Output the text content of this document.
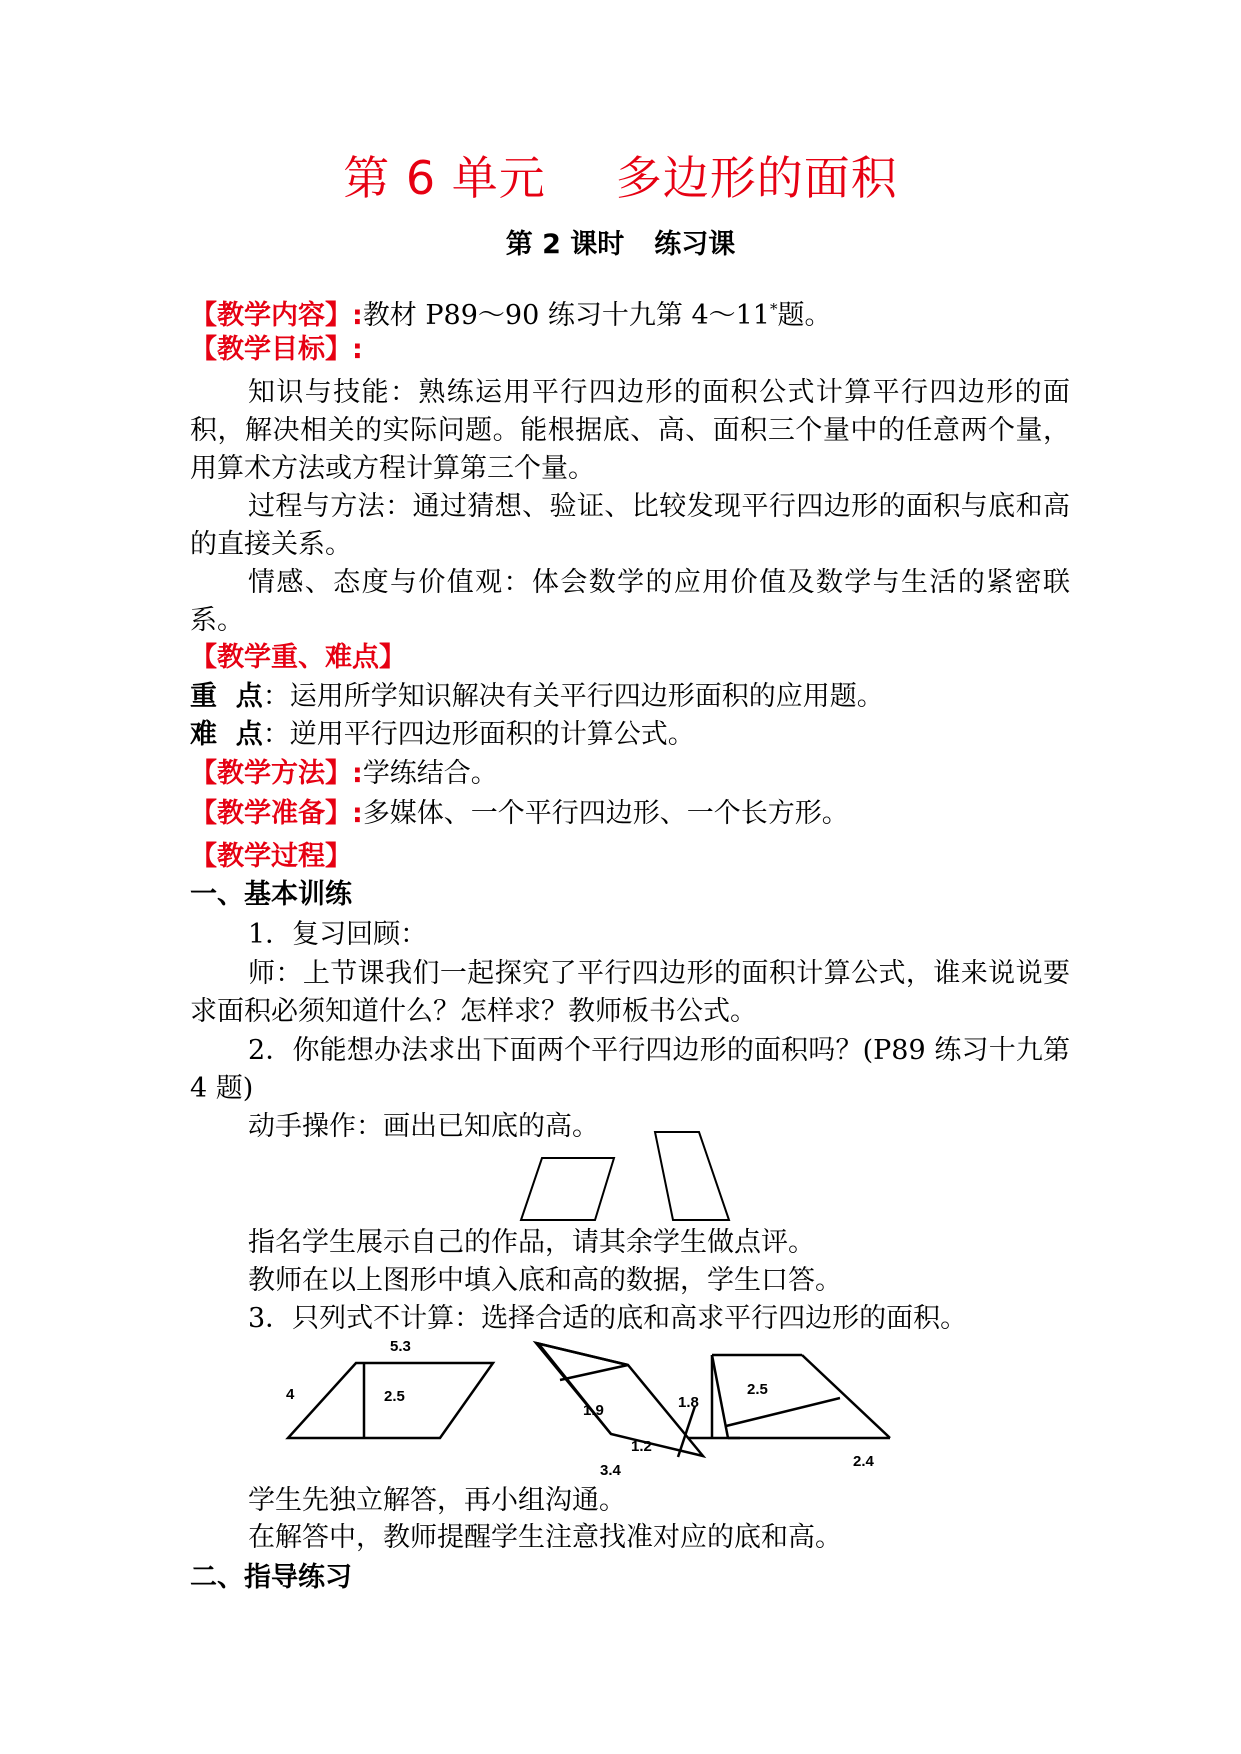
第 6 单元 多边形的面积
第 2 课时 练习课
【教学内容】:教材 P89～90 练习十九第 4～11*题。
【教学目标】:
知识与技能：熟练运用平行四边形的面积公式计算平行四边形的面积，解决相关的实际问题。能根据底、高、面积三个量中的任意两个量，用算术方法或方程计算第三个量。
过程与方法：通过猜想、验证、比较发现平行四边形的面积与底和高的直接关系。
情感、态度与价值观：体会数学的应用价值及数学与生活的紧密联系。
【教学重、难点】
重  点：运用所学知识解决有关平行四边形面积的应用题。
难  点：逆用平行四边形面积的计算公式。
【教学方法】:学练结合。
【教学准备】:多媒体、一个平行四边形、一个长方形。
【教学过程】
一、基本训练
1．复习回顾：
师：上节课我们一起探究了平行四边形的面积计算公式，谁来说说要求面积必须知道什么？怎样求？教师板书公式。
2．你能想办法求出下面两个平行四边形的面积吗？(P89 练习十九第 4 题)
动手操作：画出已知底的高。
指名学生展示自己的作品，请其余学生做点评。
教师在以上图形中填入底和高的数据，学生口答。
3．只列式不计算：选择合适的底和高求平行四边形的面积。
5.3
4	2.5
1.9
1.2
3.4
1.8
2.5
2.4
学生先独立解答，再小组沟通。
在解答中，教师提醒学生注意找准对应的底和高。
二、指导练习
